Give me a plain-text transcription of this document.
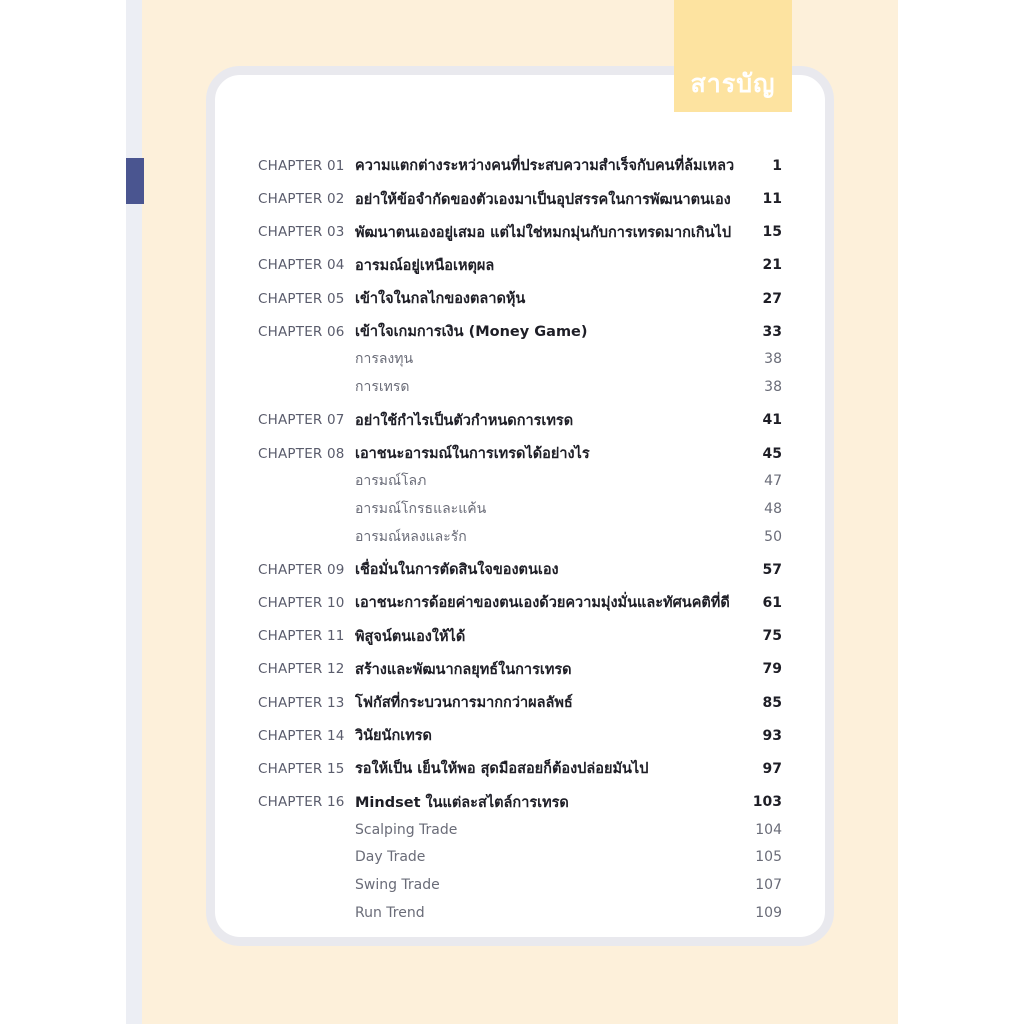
สารบัญ
CHAPTER 01 ความแตกต่างระหว่างคนที่ประสบความสำเร็จกับคนที่ล้มเหลว	1
CHAPTER 02 อย่าให้ข้อจำกัดของตัวเองมาเป็นอุปสรรคในการพัฒนาตนเอง	11
CHAPTER 03 พัฒนาตนเองอยู่เสมอ แต่ไม่ใช่หมกมุ่นกับการเทรดมากเกินไป	15
CHAPTER 04 อารมณ์อยู่เหนือเหตุผล	21
CHAPTER 05 เข้าใจในกลไกของตลาดหุ้น	27
CHAPTER 06 เข้าใจเกมการเงิน (Money Game)	33
การลงทุน	38
การเทรด	38
CHAPTER 07 อย่าใช้กำไรเป็นตัวกำหนดการเทรด	41
CHAPTER 08 เอาชนะอารมณ์ในการเทรดได้อย่างไร	45
อารมณ์โลภ	47
อารมณ์โกรธและแค้น	48
อารมณ์หลงและรัก	50
CHAPTER 09 เชื่อมั่นในการตัดสินใจของตนเอง	57
CHAPTER 10 เอาชนะการด้อยค่าของตนเองด้วยความมุ่งมั่นและทัศนคติที่ดี	61
CHAPTER 11 พิสูจน์ตนเองให้ได้	75
CHAPTER 12 สร้างและพัฒนากลยุทธ์ในการเทรด	79
CHAPTER 13 โฟกัสที่กระบวนการมากกว่าผลลัพธ์	85
CHAPTER 14 วินัยนักเทรด	93
CHAPTER 15 รอให้เป็น เย็นให้พอ สุดมือสอยก็ต้องปล่อยมันไป	97
CHAPTER 16 Mindset ในแต่ละสไตล์การเทรด	103
Scalping Trade	104
Day Trade	105
Swing Trade	107
Run Trend	109
